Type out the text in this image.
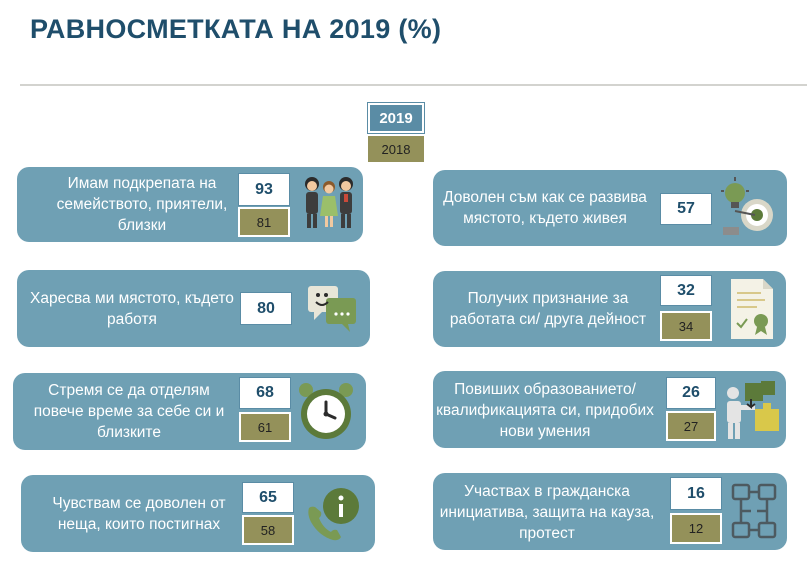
РАВНОСМЕТКАТА НА 2019 (%)
2019
2018
Имам подкрепата на семейството, приятели, близки
93
81
Харесва ми мястото, където работя
80
Стремя се да отделям повече време за себе си и близките
68
61
Чувствам се доволен от неща, които постигнах
65
58
Доволен съм как се развива мястото, където живея
57
Получих признание за работата си/ друга дейност
32
34
Повиших образованието/ квалификацията си, придобих нови умения
26
27
Участвах в гражданска инициатива, защита на кауза, протест
16
12
